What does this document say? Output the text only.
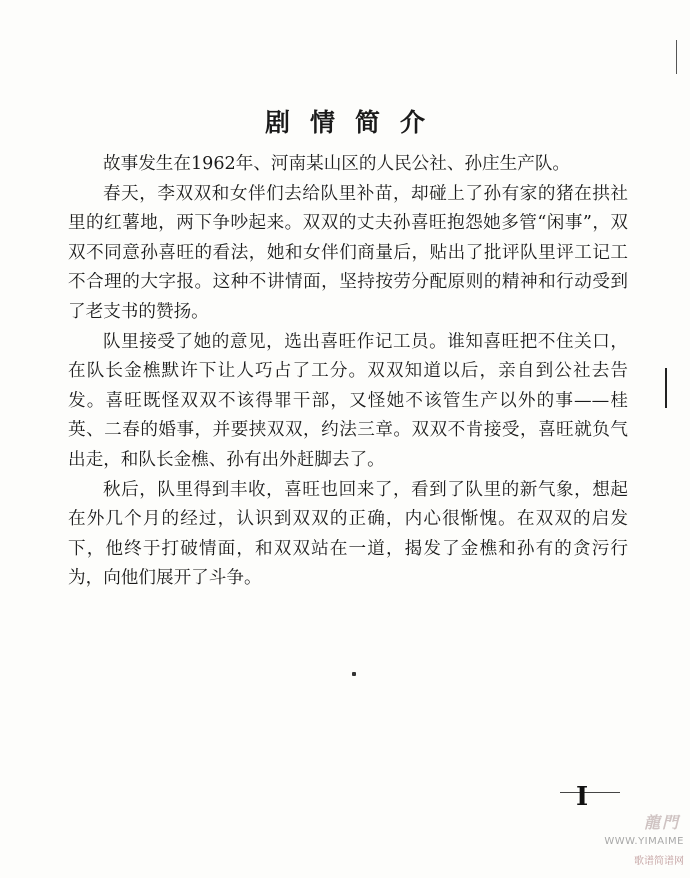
剧情简介

故事发生在1962年、河南某山区的人民公社、孙庄生产队。

春天，李双双和女伴们去给队里补苗，却碰上了孙有家的猪在拱社里的红薯地，两下争吵起来。双双的丈夫孙喜旺抱怨她多管“闲事”，双双不同意孙喜旺的看法，她和女伴们商量后，贴出了批评队里评工记工不合理的大字报。这种不讲情面，坚持按劳分配原则的精神和行动受到了老支书的赞扬。

队里接受了她的意见，选出喜旺作记工员。谁知喜旺把不住关口，在队长金樵默许下让人巧占了工分。双双知道以后，亲自到公社去告发。喜旺既怪双双不该得罪干部，又怪她不该管生产以外的事——桂英、二春的婚事，并要挟双双，约法三章。双双不肯接受，喜旺就负气出走，和队长金樵、孙有出外赶脚去了。

秋后，队里得到丰收，喜旺也回来了，看到了队里的新气象，想起在外几个月的经过，认识到双双的正确，内心很惭愧。在双双的启发下，他终于打破情面，和双双站在一道，揭发了金樵和孙有的贪污行为，向他们展开了斗争。

I
龍門
WWW.YIMAIME
歌谱简谱网
